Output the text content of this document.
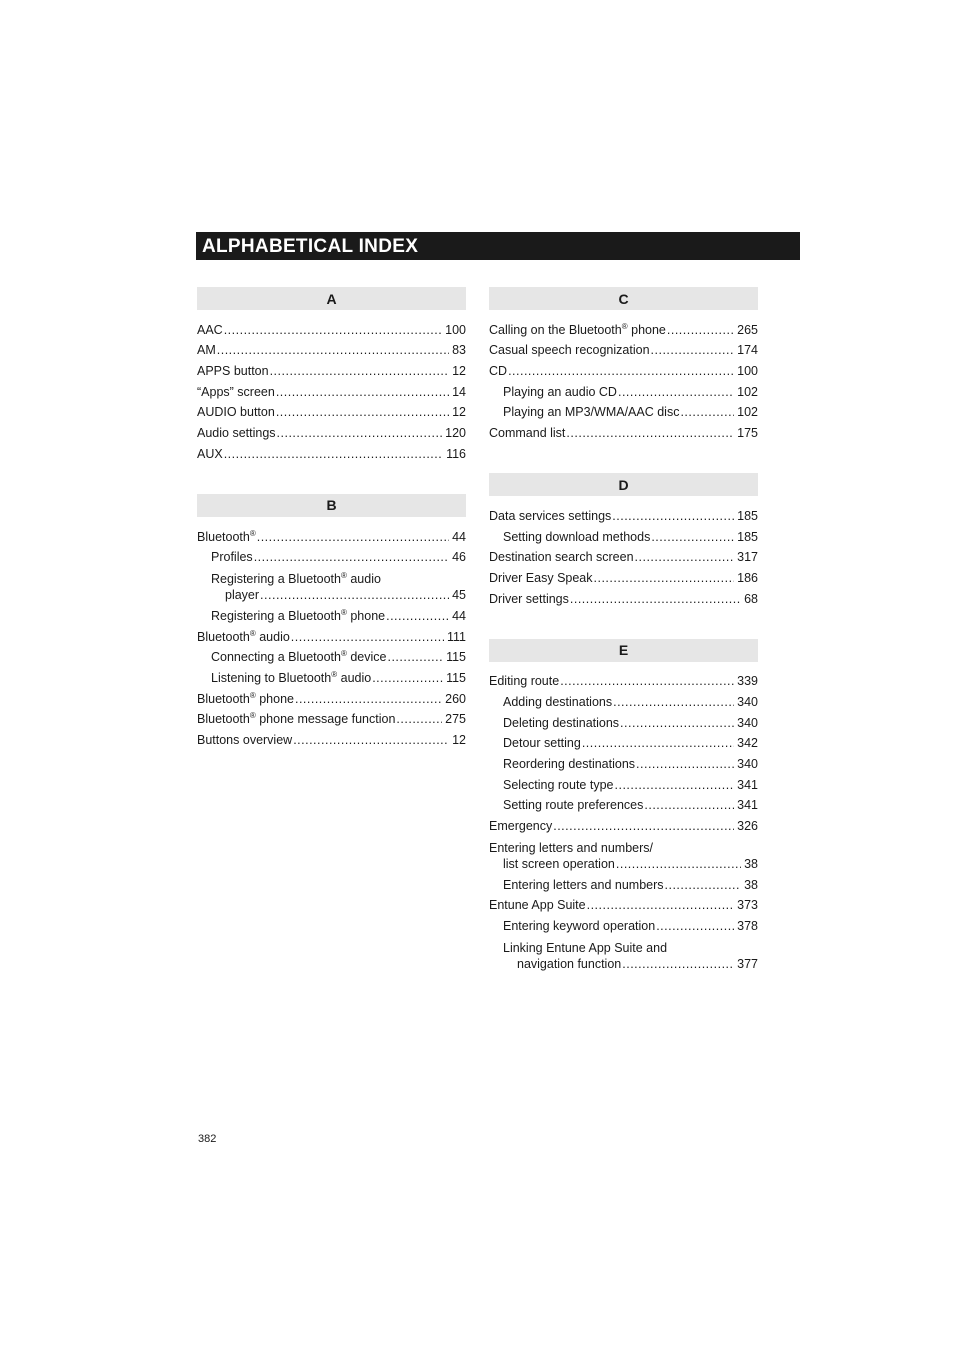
ALPHABETICAL INDEX
A
AAC .....	100
AM .....	83
APPS button .....	12
“Apps” screen .....	14
AUDIO button .....	12
Audio settings .....	120
AUX .....	116
B
Bluetooth® .....	44
Profiles .....	46
Registering a Bluetooth® audio
player .....	45
Registering a Bluetooth® phone .....	44
Bluetooth® audio .....	111
Connecting a Bluetooth® device .....	115
Listening to Bluetooth® audio .....	115
Bluetooth® phone .....	260
Bluetooth® phone message function .....	275
Buttons overview .....	12
C
Calling on the Bluetooth® phone .....	265
Casual speech recognization .....	174
CD .....	100
Playing an audio CD .....	102
Playing an MP3/WMA/AAC disc .....	102
Command list .....	175
D
Data services settings .....	185
Setting download methods .....	185
Destination search screen .....	317
Driver Easy Speak .....	186
Driver settings .....	68
E
Editing route .....	339
Adding destinations .....	340
Deleting destinations .....	340
Detour setting .....	342
Reordering destinations .....	340
Selecting route type .....	341
Setting route preferences .....	341
Emergency .....	326
Entering letters and numbers/
list screen operation .....	38
Entering letters and numbers .....	38
Entune App Suite .....	373
Entering keyword operation .....	378
Linking Entune App Suite and
navigation function .....	377
382
